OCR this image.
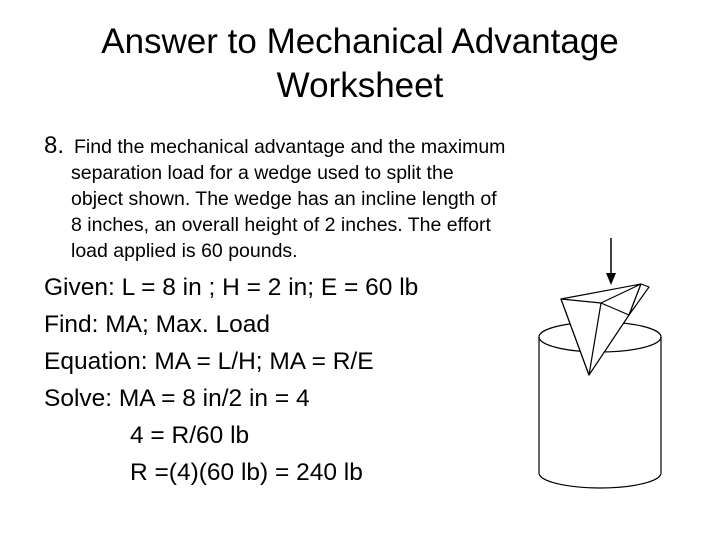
Answer to Mechanical Advantage
Worksheet
8. Find the mechanical advantage and the maximum
separation load for a wedge used to split the
object shown. The wedge has an incline length of
8 inches, an overall height of 2 inches. The effort
load applied is 60 pounds.
Given: L = 8 in ; H = 2 in; E = 60 lb
Find: MA; Max. Load
Equation: MA = L/H; MA = R/E
Solve: MA = 8 in/2 in = 4
4 = R/60 lb
R =(4)(60 lb) = 240 lb
